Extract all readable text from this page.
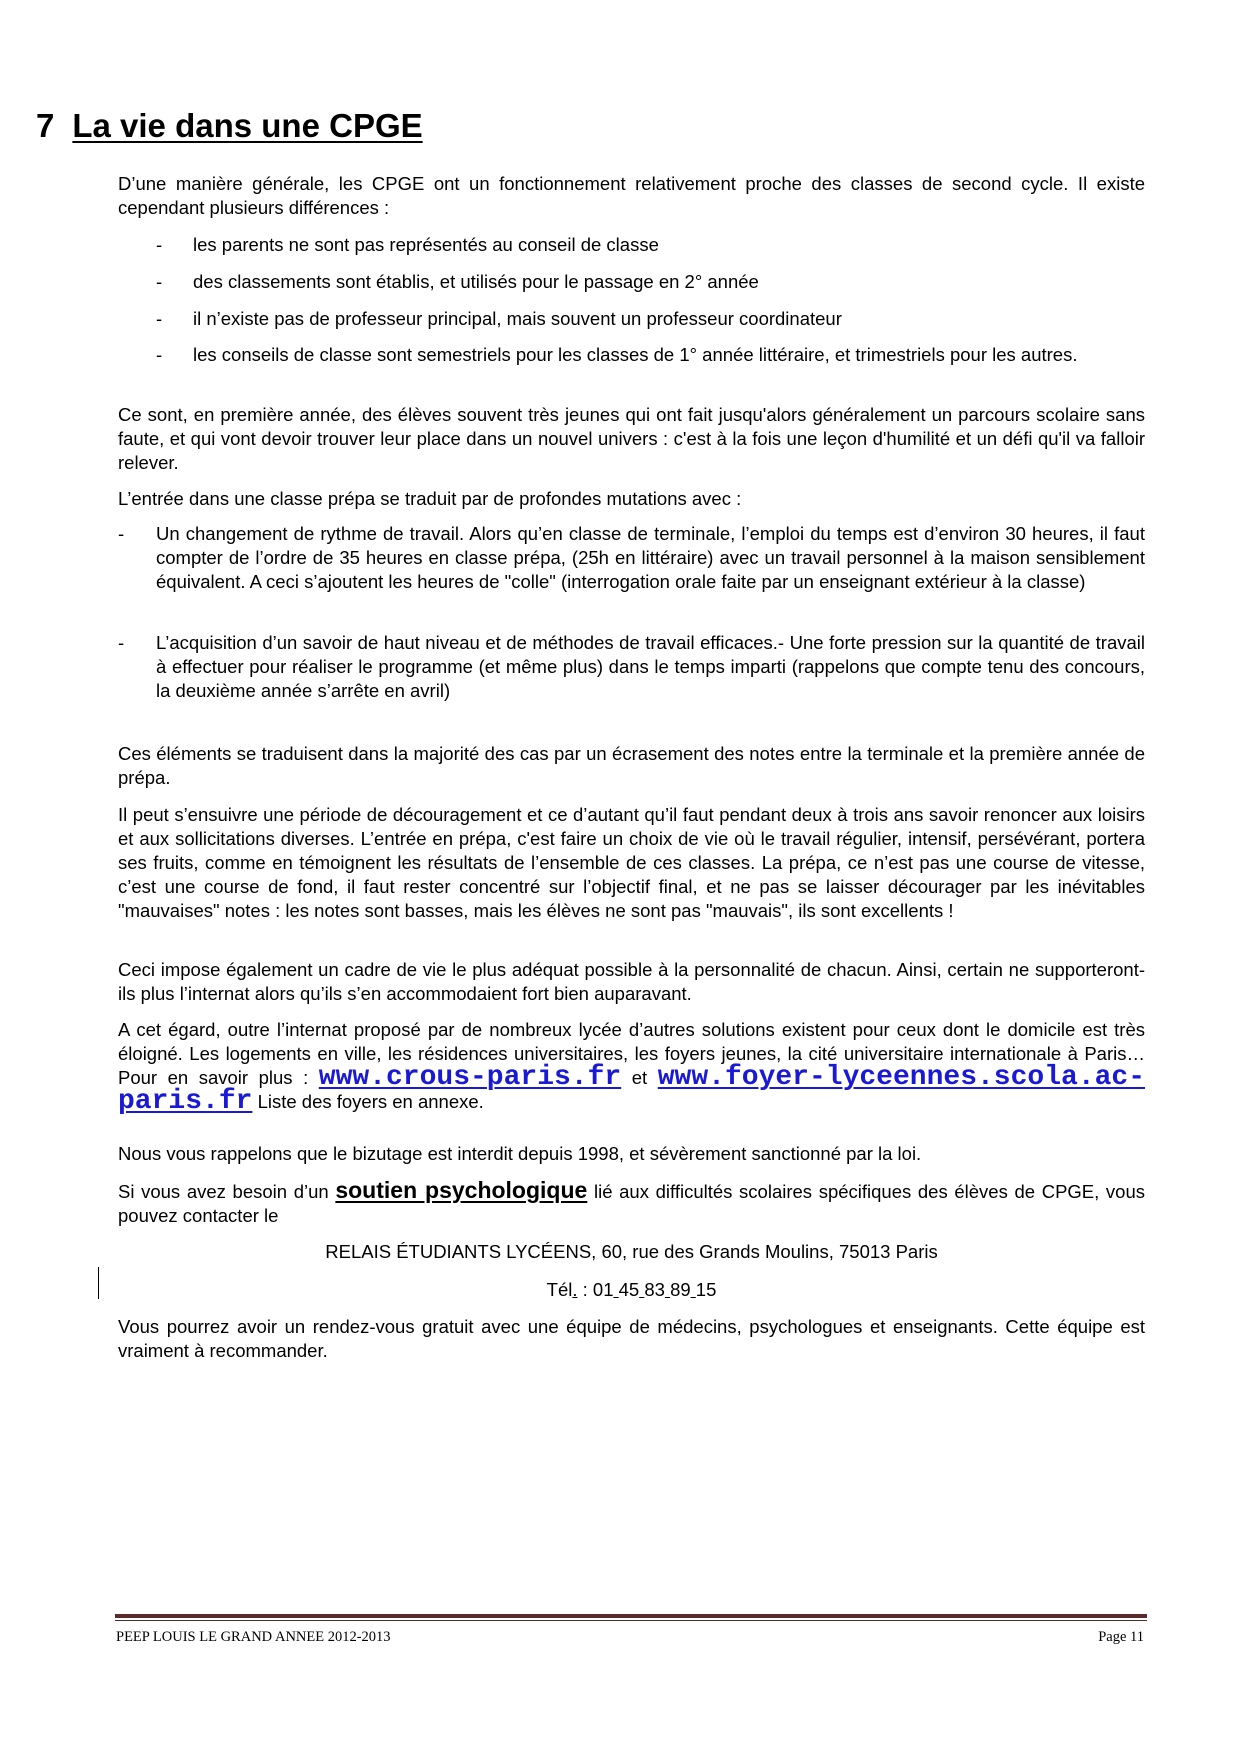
7 La vie dans une CPGE

D’une manière générale, les CPGE ont un fonctionnement relativement proche des classes de second cycle. Il existe cependant plusieurs différences :

- les parents ne sont pas représentés au conseil de classe
- des classements sont établis, et utilisés pour le passage en 2° année
- il n’existe pas de professeur principal, mais souvent un professeur coordinateur
- les conseils de classe sont semestriels pour les classes de 1° année littéraire, et trimestriels pour les autres.

Ce sont, en première année, des élèves souvent très jeunes qui ont fait jusqu'alors généralement un parcours scolaire sans faute, et qui vont devoir trouver leur place dans un nouvel univers : c'est à la fois une leçon d'humilité et un défi qu'il va falloir relever.

L’entrée dans une classe prépa se traduit par de profondes mutations avec :

- Un changement de rythme de travail. Alors qu’en classe de terminale, l’emploi du temps est d’environ 30 heures, il faut compter de l’ordre de 35 heures en classe prépa, (25h en littéraire) avec un travail personnel à la maison sensiblement équivalent. A ceci s’ajoutent les heures de "colle" (interrogation orale faite par un enseignant extérieur à la classe)
- L’acquisition d’un savoir de haut niveau et de méthodes de travail efficaces.- Une forte pression sur la quantité de travail à effectuer pour réaliser le programme (et même plus) dans le temps imparti (rappelons que compte tenu des concours, la deuxième année s’arrête en avril)

Ces éléments se traduisent dans la majorité des cas par un écrasement des notes entre la terminale et la première année de prépa.

Il peut s’ensuivre une période de découragement et ce d’autant qu’il faut pendant deux à trois ans savoir renoncer aux loisirs et aux sollicitations diverses. L’entrée en prépa, c'est faire un choix de vie où le travail régulier, intensif, persévérant, portera ses fruits, comme en témoignent les résultats de l’ensemble de ces classes. La prépa, ce n’est pas une course de vitesse, c’est une course de fond, il faut rester concentré sur l’objectif final, et ne pas se laisser décourager par les inévitables "mauvaises" notes : les notes sont basses, mais les élèves ne sont pas "mauvais", ils sont excellents !

Ceci impose également un cadre de vie le plus adéquat possible à la personnalité de chacun. Ainsi, certain ne supporteront-ils plus l’internat alors qu’ils s’en accommodaient fort bien auparavant.

A cet égard, outre l’internat proposé par de nombreux lycée d’autres solutions existent pour ceux dont le domicile est très éloigné. Les logements en ville, les résidences universitaires, les foyers jeunes, la cité universitaire internationale à Paris…Pour en savoir plus : www.crous-paris.fr et www.foyer-lyceennes.scola.ac-paris.fr Liste des foyers en annexe.

Nous vous rappelons que le bizutage est interdit depuis 1998, et sévèrement sanctionné par la loi.

Si vous avez besoin d’un soutien psychologique lié aux difficultés scolaires spécifiques des élèves de CPGE, vous pouvez contacter le

RELAIS ÉTUDIANTS LYCÉENS, 60, rue des Grands Moulins, 75013 Paris
Tél. : 01 45 83 89 15

Vous pourrez avoir un rendez-vous gratuit avec une équipe de médecins, psychologues et enseignants. Cette équipe est vraiment à recommander.

PEEP LOUIS LE GRAND ANNEE 2012-2013	Page 11
